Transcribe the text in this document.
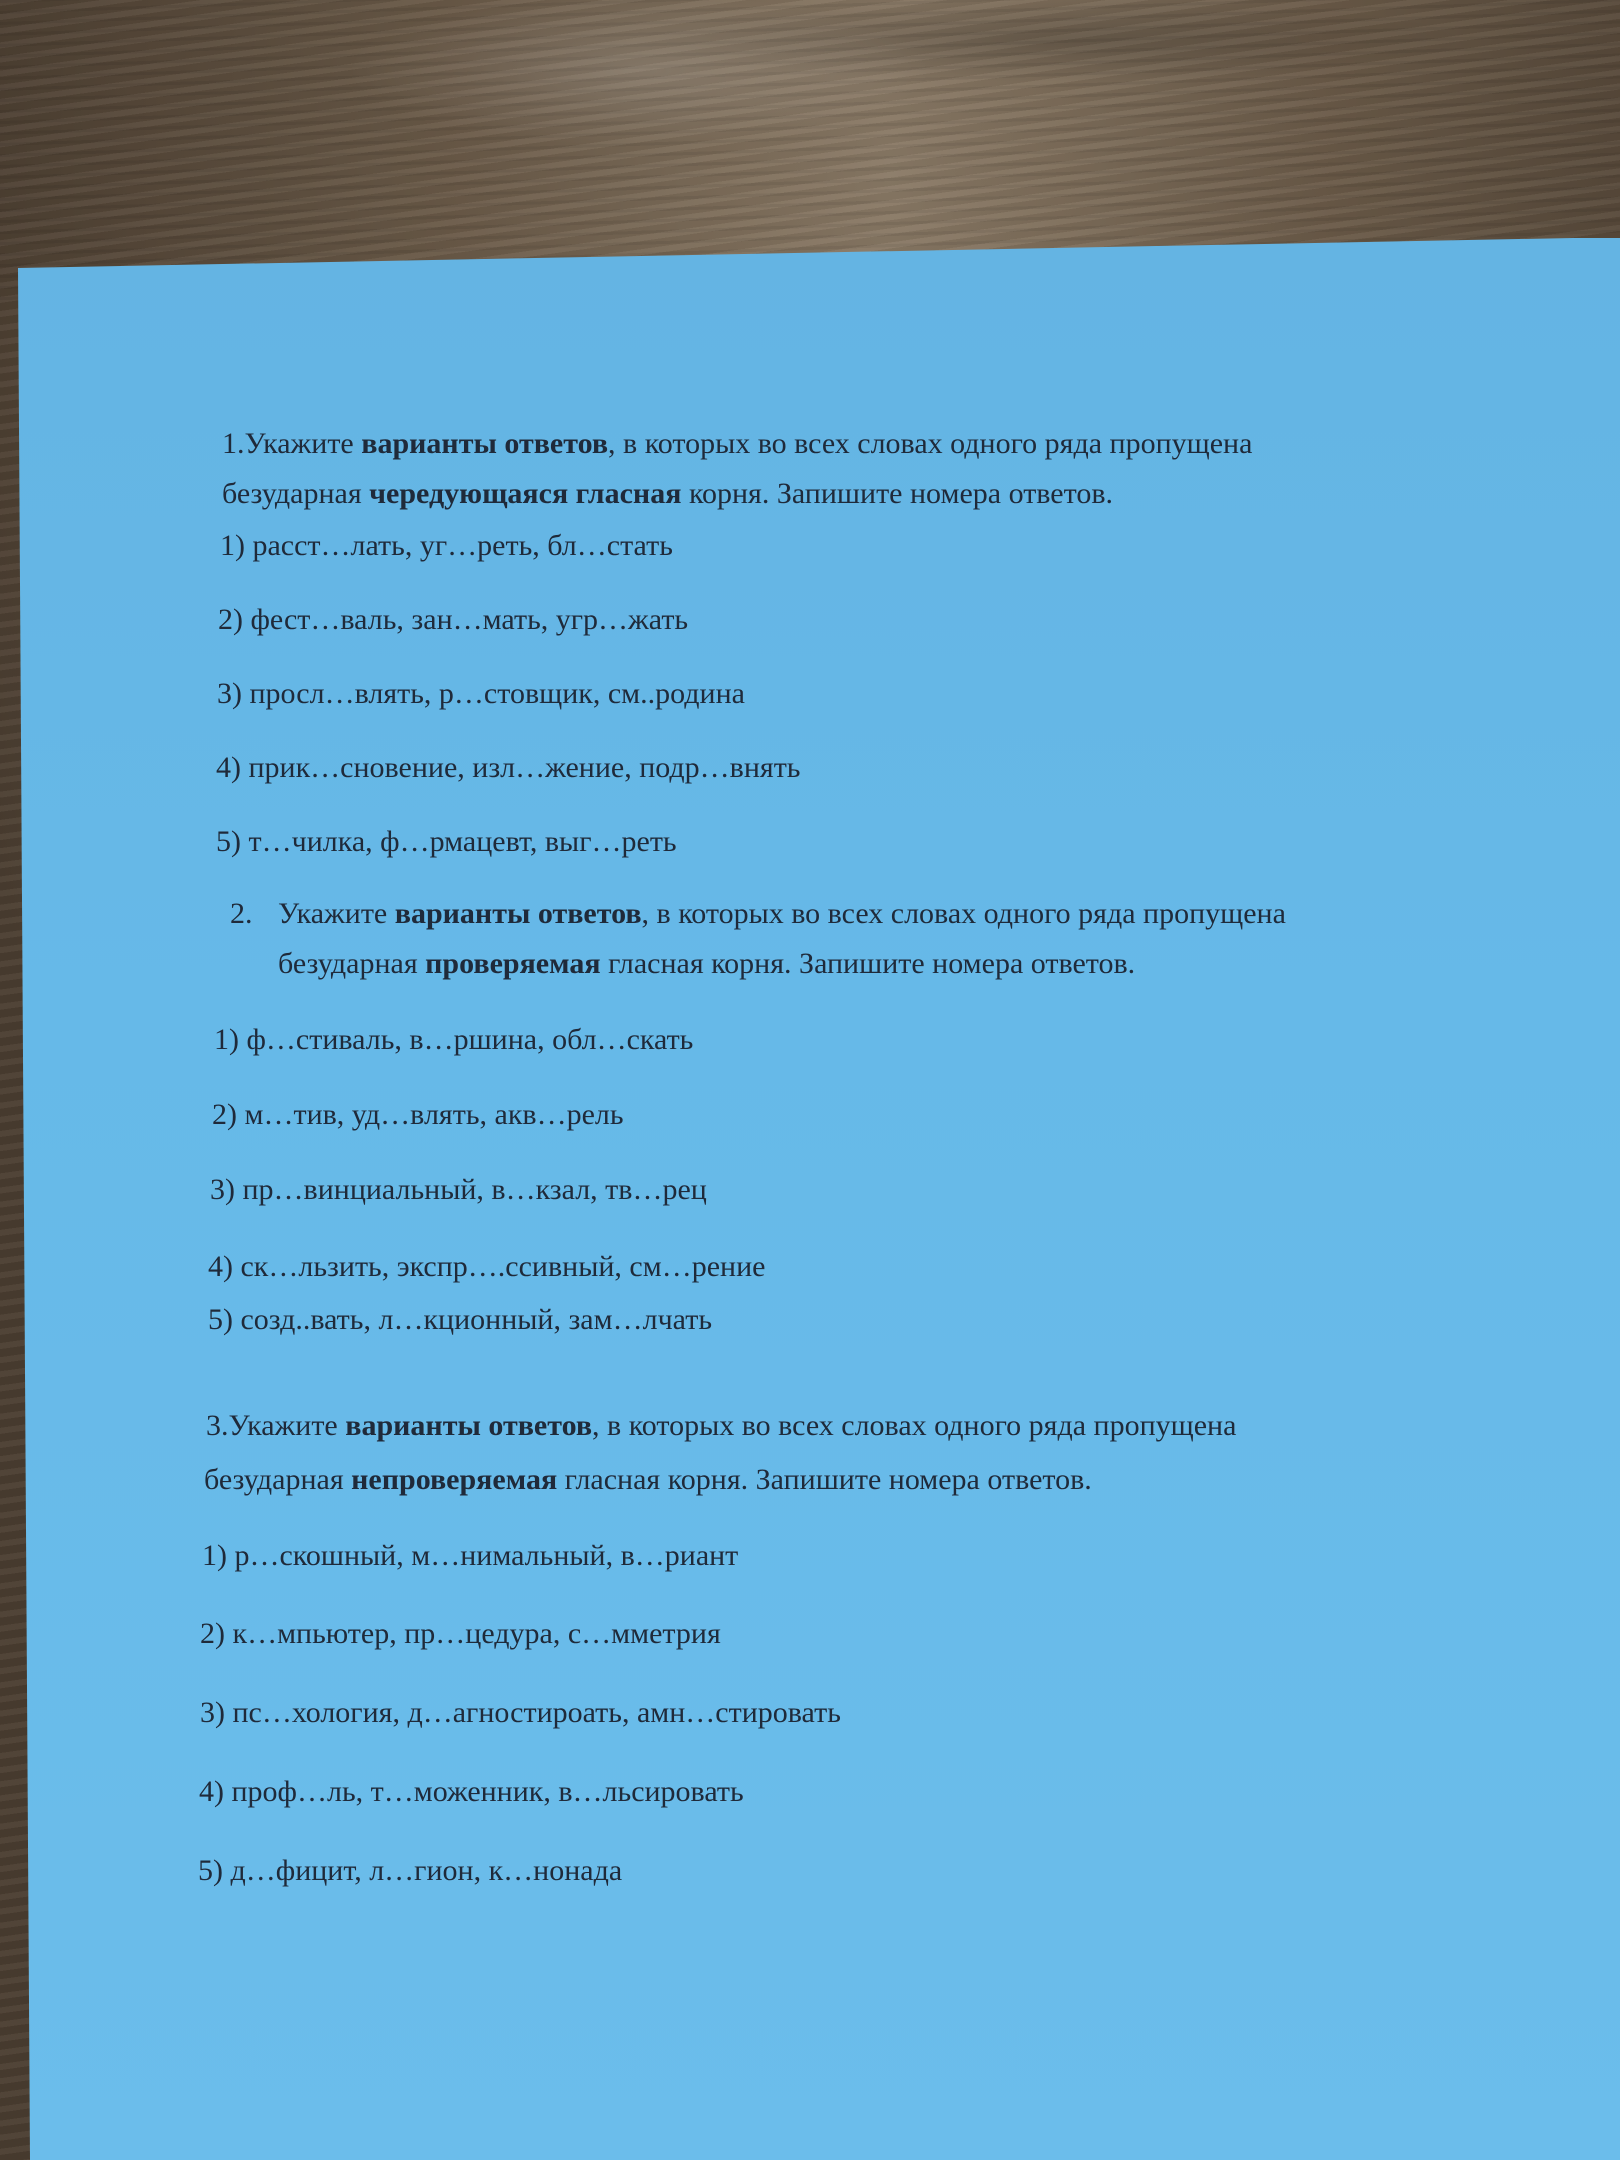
1.Укажите варианты ответов, в которых во всех словах одного ряда пропущена
безударная чередующаяся гласная корня. Запишите номера ответов.
1) расст…лать, уг…реть, бл…стать
2) фест…валь, зан…мать, угр…жать
3) просл…влять, р…стовщик, см..родина
4) прик…сновение, изл…жение, подр…внять
5) т…чилка, ф…рмацевт, выг…реть
2. Укажите варианты ответов, в которых во всех словах одного ряда пропущена
безударная проверяемая гласная корня. Запишите номера ответов.
1) ф…стиваль, в…ршина, обл…скать
2) м…тив, уд…влять, акв…рель
3) пр…винциальный, в…кзал, тв…рец
4) ск…льзить, экспр….ссивный, см…рение
5) созд..вать, л…кционный, зам…лчать
3.Укажите варианты ответов, в которых во всех словах одного ряда пропущена
безударная непроверяемая гласная корня. Запишите номера ответов.
1) р…скошный, м…нимальный, в…риант
2) к…мпьютер, пр…цедура, с…мметрия
3) пс…хология, д…агностироать, амн…стировать
4) проф…ль, т…моженник, в…льсировать
5) д…фицит, л…гион, к…нонада
